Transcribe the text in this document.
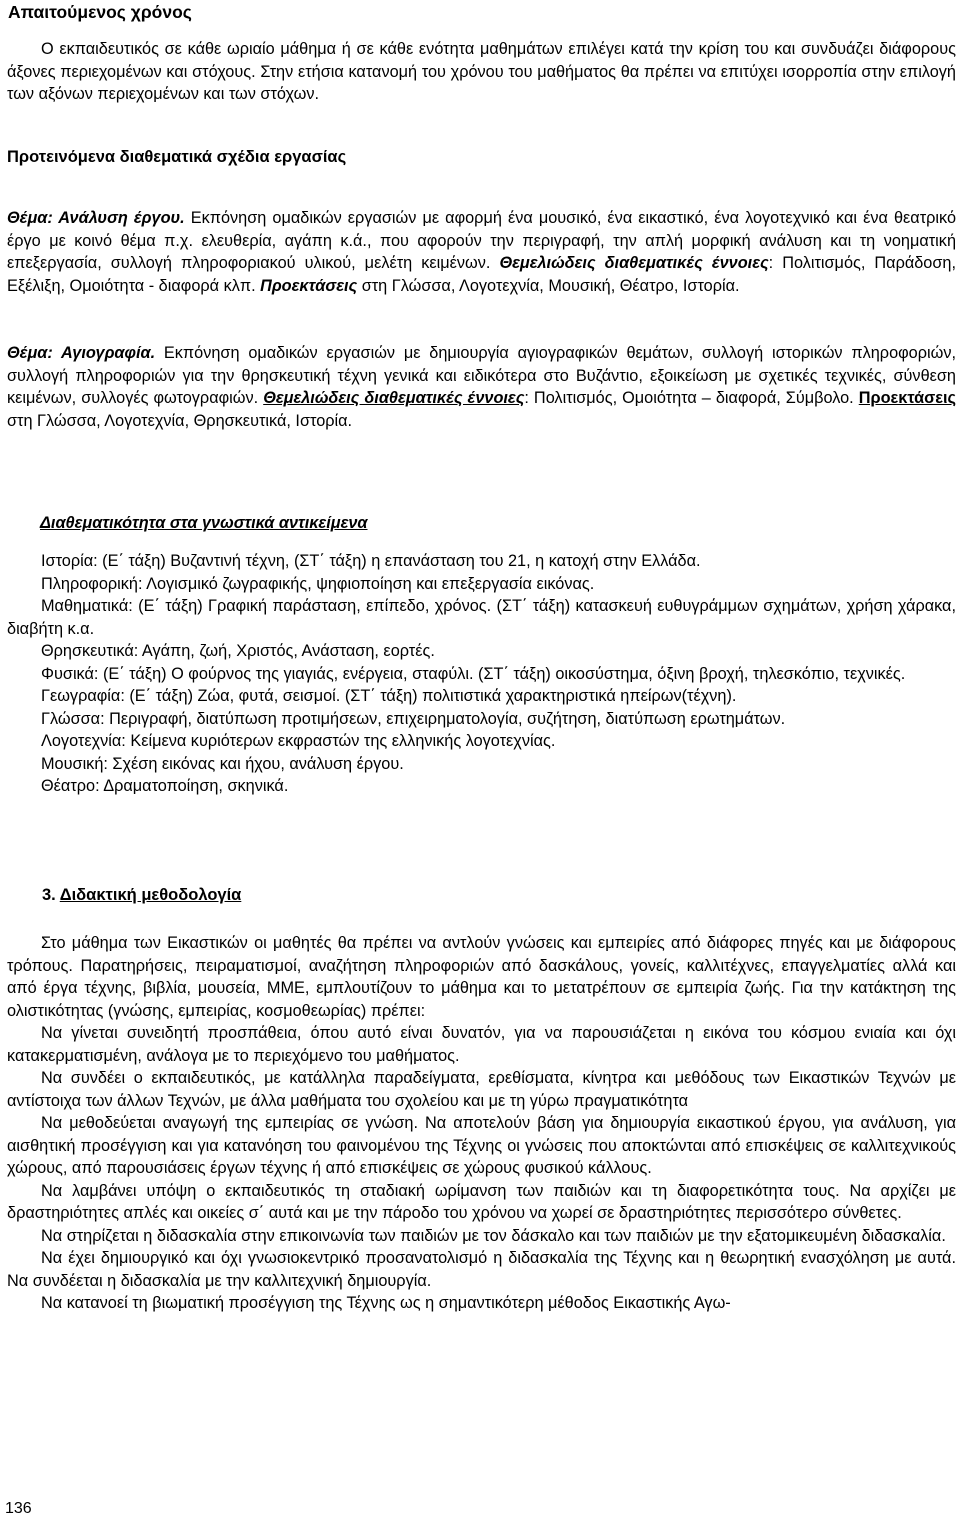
Απαιτούμενος χρόνος

Ο εκπαιδευτικός σε κάθε ωριαίο μάθημα ή σε κάθε ενότητα μαθημάτων επιλέγει κατά την κρίση του και συνδυάζει διάφορους άξονες περιεχομένων και στόχους. Στην ετήσια κατανομή του χρόνου του μαθήματος θα πρέπει να επιτύχει ισορροπία στην επιλογή των αξόνων περιεχομένων και των στόχων.

Προτεινόμενα διαθεματικά σχέδια εργασίας

Θέμα: Ανάλυση έργου. Εκπόνηση ομαδικών εργασιών με αφορμή ένα μουσικό, ένα εικαστικό, ένα λογοτεχνικό και ένα θεατρικό έργο με κοινό θέμα π.χ. ελευθερία, αγάπη κ.ά., που αφορούν την περιγραφή, την απλή μορφική ανάλυση και τη νοηματική επεξεργασία, συλλογή πληροφοριακού υλικού, μελέτη κειμένων. Θεμελιώδεις διαθεματικές έννοιες: Πολιτισμός, Παράδοση, Εξέλιξη, Ομοιότητα - διαφορά κλπ. Προεκτάσεις στη Γλώσσα, Λογοτεχνία, Μουσική, Θέατρο, Ιστορία.

Θέμα: Αγιογραφία. Εκπόνηση ομαδικών εργασιών με δημιουργία αγιογραφικών θεμάτων, συλλογή ιστορικών πληροφοριών, συλλογή πληροφοριών για την θρησκευτική τέχνη γενικά και ειδικότερα στο Βυζάντιο, εξοικείωση με σχετικές τεχνικές, σύνθεση κειμένων, συλλογές φωτογραφιών. Θεμελιώδεις διαθεματικές έννοιες: Πολιτισμός, Ομοιότητα – διαφορά, Σύμβολο. Προεκτάσεις στη Γλώσσα, Λογοτεχνία, Θρησκευτικά, Ιστορία.

Διαθεματικότητα στα γνωστικά αντικείμενα

Ιστορία: (Ε΄ τάξη) Βυζαντινή τέχνη, (ΣΤ΄ τάξη) η επανάσταση του 21, η κατοχή στην Ελλάδα.

Πληροφορική: Λογισμικό ζωγραφικής, ψηφιοποίηση και επεξεργασία εικόνας.

Μαθηματικά: (Ε΄ τάξη) Γραφική παράσταση, επίπεδο, χρόνος. (ΣΤ΄ τάξη) κατασκευή ευθυγράμμων σχημάτων, χρήση χάρακα, διαβήτη κ.α.

Θρησκευτικά: Αγάπη, ζωή, Χριστός, Ανάσταση, εορτές.

Φυσικά: (Ε΄ τάξη) Ο φούρνος της γιαγιάς, ενέργεια, σταφύλι. (ΣΤ΄ τάξη) οικοσύστημα, όξινη βροχή, τηλεσκόπιο, τεχνικές.

Γεωγραφία: (Ε΄ τάξη) Ζώα, φυτά, σεισμοί. (ΣΤ΄ τάξη) πολιτιστικά χαρακτηριστικά ηπείρων(τέχνη).

Γλώσσα: Περιγραφή, διατύπωση προτιμήσεων, επιχειρηματολογία, συζήτηση, διατύπωση ερωτημάτων.

Λογοτεχνία: Κείμενα κυριότερων εκφραστών της ελληνικής λογοτεχνίας.

Μουσική: Σχέση εικόνας και ήχου, ανάλυση έργου.

Θέατρο: Δραματοποίηση, σκηνικά.

3. Διδακτική μεθοδολογία

Στο μάθημα των Εικαστικών οι μαθητές θα πρέπει να αντλούν γνώσεις και εμπειρίες από διάφορες πηγές και με διάφορους τρόπους. Παρατηρήσεις, πειραματισμοί, αναζήτηση πληροφοριών από δασκάλους, γονείς, καλλιτέχνες, επαγγελματίες αλλά και από έργα τέχνης, βιβλία, μουσεία, ΜΜΕ, εμπλουτίζουν το μάθημα και το μετατρέπουν σε εμπειρία ζωής. Για την κατάκτηση της ολιστικότητας (γνώσης, εμπειρίας, κοσμοθεωρίας) πρέπει:

Να γίνεται συνειδητή προσπάθεια, όπου αυτό είναι δυνατόν, για να παρουσιάζεται η εικόνα του κόσμου ενιαία και όχι κατακερματισμένη, ανάλογα με το περιεχόμενο του μαθήματος.

Να συνδέει ο εκπαιδευτικός, με κατάλληλα παραδείγματα, ερεθίσματα, κίνητρα και μεθόδους των Εικαστικών Τεχνών με αντίστοιχα των άλλων Τεχνών, με άλλα μαθήματα του σχολείου και με τη γύρω πραγματικότητα

Να μεθοδεύεται αναγωγή της εμπειρίας σε γνώση. Να αποτελούν βάση για δημιουργία εικαστικού έργου, για ανάλυση, για αισθητική προσέγγιση και για κατανόηση του φαινομένου της Τέχνης οι γνώσεις που αποκτώνται από επισκέψεις σε καλλιτεχνικούς χώρους, από παρουσιάσεις έργων τέχνης ή από επισκέψεις σε χώρους φυσικού κάλλους.

Να λαμβάνει υπόψη ο εκπαιδευτικός τη σταδιακή ωρίμανση των παιδιών και τη διαφορετικότητα τους. Να αρχίζει με δραστηριότητες απλές και οικείες σ΄ αυτά και με την πάροδο του χρόνου να χωρεί σε δραστηριότητες περισσότερο σύνθετες.

Να στηρίζεται η διδασκαλία στην επικοινωνία των παιδιών με τον δάσκαλο και των παιδιών με την εξατομικευμένη διδασκαλία.

Να έχει δημιουργικό και όχι γνωσιοκεντρικό προσανατολισμό η διδασκαλία της Τέχνης και η θεωρητική ενασχόληση με αυτά. Να συνδέεται η διδασκαλία με την καλλιτεχνική δημιουργία.

Να κατανοεί τη βιωματική προσέγγιση της Τέχνης ως η σημαντικότερη μέθοδος Εικαστικής Αγω-

136
